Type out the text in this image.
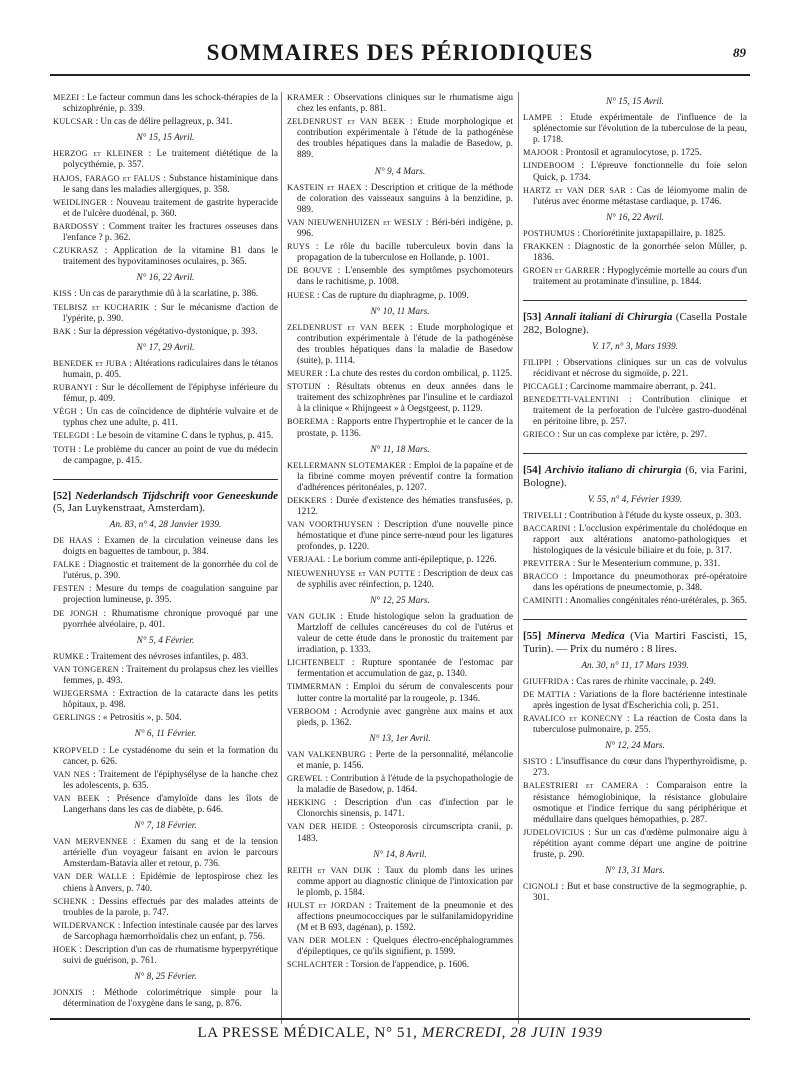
SOMMAIRES DES PÉRIODIQUES	89

MEZEI : Le facteur commun dans les schock-thérapies de la schizophrénie, p. 339.

KULCSAR : Un cas de délire pellagreux, p. 341.

N° 15, 15 Avril.

HERZOG et KLEINER : Le traitement diététique de la polycythémie, p. 357.

HAJOS, FARAGO et FALUS : Substance histaminique dans le sang dans les maladies allergiques, p. 358.

WEIDLINGER : Nouveau traitement de gastrite hyperacide et de l'ulcère duodénal, p. 360.

BARDOSSY : Comment traiter les fractures osseuses dans l'enfance ? p. 362.

CZUKRASZ : Application de la vitamine B1 dans le traitement des hypovitaminoses oculaires, p. 365.

N° 16, 22 Avril.

KISS : Un cas de pararythmie dû à la scarlatine, p. 386.

TELBISZ et KUCHARIK : Sur le mécanisme d'action de l'ypérite, p. 390.

BAK : Sur la dépression végétativo-dystonique, p. 393.

N° 17, 29 Avril.

BENEDEK et JUBA : Altérations radiculaires dans le tétanos humain, p. 405.

RUBANYI : Sur le décollement de l'épiphyse inférieure du fémur, p. 409.

VÉGH : Un cas de coïncidence de diphtérie vulvaire et de typhus chez une adulte, p. 411.

TELEGDI : Le besoin de vitamine C dans le typhus, p. 415.

TOTH : Le problème du cancer au point de vue du médecin de campagne, p. 415.

[52] Nederlandsch Tijdschrift voor Geneeskunde (5, Jan Luykenstraat, Amsterdam).
An. 83, n° 4, 28 Janvier 1939.

DE HAAS : Examen de la circulation veineuse dans les doigts en baguettes de tambour, p. 384.

FALKE : Diagnostic et traitement de la gonorrhée du col de l'utérus, p. 390.

FESTEN : Mesure du temps de coagulation sanguine par projection lumineuse, p. 395.

DE JONGH : Rhumatisme chronique provoqué par une pyorrhée alvéolaire, p. 401.

N° 5, 4 Février.

RUMKE : Traitement des névroses infantiles, p. 483.

VAN TONGEREN : Traitement du prolapsus chez les vieilles femmes, p. 493.

WIJEGERSMA : Extraction de la cataracte dans les petits hôpitaux, p. 498.

GERLINGS : « Petrositis », p. 504.

N° 6, 11 Février.

KROPVELD : Le cystadénome du sein et la formation du cancer, p. 626.

VAN NES : Traitement de l'épiphysélyse de la hanche chez les adolescents, p. 635.

VAN BEEK : Présence d'amyloïde dans les îlots de Langerhans dans les cas de diabète, p. 646.

N° 7, 18 Février.

VAN MERVENNEE : Examen du sang et de la tension artérielle d'un voyageur faisant en avion le parcours Amsterdam-Batavia aller et retour, p. 736.

VAN DER WALLE : Epidémie de leptospirose chez les chiens à Anvers, p. 740.

SCHENK : Dessins effectués par des malades atteints de troubles de la parole, p. 747.

WILDERVANCK : Infection intestinale causée par des larves de Sarcophaga hæmorrhoïdalis chez un enfant, p. 756.

HOEK : Description d'un cas de rhumatisme hyperpyrétique suivi de guérison, p. 761.

N° 8, 25 Février.

JONXIS : Méthode colorimétrique simple pour la détermination de l'oxygène dans le sang, p. 876.

KRAMER : Observations cliniques sur le rhumatisme aigu chez les enfants, p. 881.

ZELDENRUST et VAN BEEK : Etude morphologique et contribution expérimentale à l'étude de la pathogénèse des troubles hépatiques dans la maladie de Basedow, p. 889.

N° 9, 4 Mars.

KASTEIN et HAEX : Description et critique de la méthode de coloration des vaisseaux sanguins à la benzidine, p. 989.

VAN NIEUWENHUIZEN et WESLY : Béri-béri indigène, p. 996.

RUYS : Le rôle du bacille tuberculeux bovin dans la propagation de la tuberculose en Hollande, p. 1001.

DE BOUVE : L'ensemble des symptômes psychomoteurs dans le rachitisme, p. 1008.

HUESE : Cas de rupture du diaphragme, p. 1009.

N° 10, 11 Mars.

ZELDENRUST et VAN BEEK : Etude morphologique et contribution expérimentale à l'étude de la pathogénèse des troubles hépatiques dans la maladie de Basedow (suite), p. 1114.

MEURER : La chute des restes du cordon ombilical, p. 1125.

STOTIJN : Résultats obtenus en deux années dans le traitement des schizophrènes par l'insuline et le cardiazol à la clinique « Rhijngeest » à Oegstgeest, p. 1129.

BOEREMA : Rapports entre l'hypertrophie et le cancer de la prostate, p. 1136.

N° 11, 18 Mars.

KELLERMANN SLOTEMAKER : Emploi de la papaïne et de la fibrine comme moyen préventif contre la formation d'adhérences péritonéales, p. 1207.

DEKKERS : Durée d'existence des hématies transfusées, p. 1212.

VAN VOORTHUYSEN : Description d'une nouvelle pince hémostatique et d'une pince serre-nœud pour les ligatures profondes, p. 1220.

VERJAAL : Le borium comme anti-épileptique, p. 1226.

NIEUWENHUYSE et VAN PUTTE : Description de deux cas de syphilis avec réinfection, p. 1240.

N° 12, 25 Mars.

VAN GULIK : Etude histologique selon la graduation de Martzloff de cellules cancéreuses du col de l'utérus et valeur de cette étude dans le pronostic du traitement par irradiation, p. 1333.

LICHTENBELT : Rupture spontanée de l'estomac par fermentation et accumulation de gaz, p. 1340.

TIMMERMAN : Emploi du sérum de convalescents pour lutter contre la mortalité par la rougeole, p. 1346.

VERBOOM : Acrodynie avec gangrène aux mains et aux pieds, p. 1362.

N° 13, 1er Avril.

VAN VALKENBURG : Perte de la personnalité, mélancolie et manie, p. 1456.

GREWEL : Contribution à l'étude de la psychopathologie de la maladie de Basedow, p. 1464.

HEKKING : Description d'un cas d'infection par le Clonorchis sinensis, p. 1471.

VAN DER HEIDE : Osteoporosis circumscripta cranii, p. 1483.

N° 14, 8 Avril.

REITH et VAN DIJK : Taux du plomb dans les urines comme apport au diagnostic clinique de l'intoxication par le plomb, p. 1584.

HULST et JORDAN : Traitement de la pneumonie et des affections pneumococciques par le sulfanilamidopyridine (M et B 693, dagénan), p. 1592.

VAN DER MOLEN : Quelques électro-encéphalogrammes d'épileptiques, ce qu'ils signifient, p. 1599.

SCHLACHTER : Torsion de l'appendice, p. 1606.

N° 15, 15 Avril.

LAMPE : Etude expérimentale de l'influence de la splénectomie sur l'évolution de la tuberculose de la peau, p. 1718.

MAJOOR : Prontosil et agranulocytose, p. 1725.

LINDEBOOM : L'épreuve fonctionnelle du foie selon Quick, p. 1734.

HARTZ et VAN DER SAR : Cas de léiomyome malin de l'utérus avec énorme métastase cardiaque, p. 1746.

N° 16, 22 Avril.

POSTHUMUS : Choriorétinite juxtapapillaire, p. 1825.

FRAKKEN : Diagnostic de la gonorrhée selon Müller, p. 1836.

GROEN et GARRER : Hypoglycémie mortelle au cours d'un traitement au protaminate d'insuline, p. 1844.

[53] Annali italiani di Chirurgia (Casella Postale 282, Bologne).
V. 17, n° 3, Mars 1939.

FILIPPI : Observations cliniques sur un cas de volvulus récidivant et nécrose du sigmoïde, p. 221.

PICCAGLI : Carcinome mammaire aberrant, p. 241.

BENEDETTI-VALENTINI : Contribution clinique et traitement de la perforation de l'ulcère gastro-duodénal en péritoine libre, p. 257.

GRIECO : Sur un cas complexe par ictère, p. 297.

[54] Archivio italiano di chirurgia (6, via Farini, Bologne).
V. 55, n° 4, Février 1939.

TRIVELLI : Contribution à l'étude du kyste osseux, p. 303.

BACCARINI : L'occlusion expérimentale du cholédoque en rapport aux altérations anatomo-pathologiques et histologiques de la vésicule biliaire et du foie, p. 317.

PREVITERA : Sur le Mesenterium commune, p. 331.

BRACCO : Importance du pneumothorax pré-opératoire dans les opérations de pneumectomie, p. 348.

CAMINITI : Anomalies congénitales réno-urétérales, p. 365.

[55] Minerva Medica (Via Martiri Fascisti, 15, Turin). — Prix du numéro : 8 lires.
An. 30, n° 11, 17 Mars 1939.

GIUFFRIDA : Cas rares de rhinite vaccinale, p. 249.

DE MATTIA : Variations de la flore bactérienne intestinale après ingestion de lysat d'Escherichia coli, p. 251.

RAVALICO et KONECNY : La réaction de Costa dans la tuberculose pulmonaire, p. 255.

N° 12, 24 Mars.

SISTO : L'insuffisance du cœur dans l'hyperthyroïdisme, p. 273.

BALESTRIERI et CAMERA : Comparaison entre la résistance hémoglobinique, la résistance globulaire osmotique et l'indice ferrique du sang périphérique et médullaire dans quelques hémopathies, p. 287.

JUDELOVICIUS : Sur un cas d'œdème pulmonaire aigu à répétition ayant comme départ une angine de poitrine fruste, p. 290.

N° 13, 31 Mars.

CIGNOLI : But et base constructive de la segmographie, p. 301.

LA PRESSE MÉDICALE, N° 51, MERCREDI, 28 JUIN 1939
